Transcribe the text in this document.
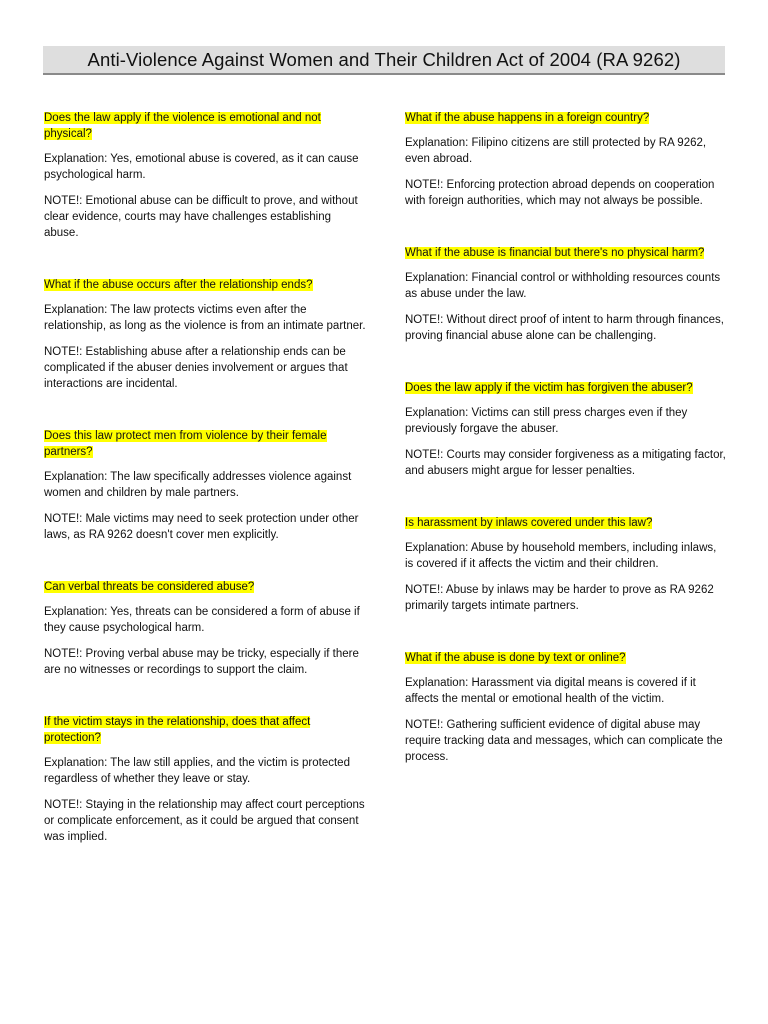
Anti-Violence Against Women and Their Children Act of 2004 (RA 9262)

Does the law apply if the violence is emotional and not physical?

Explanation: Yes, emotional abuse is covered, as it can cause psychological harm.

NOTE!: Emotional abuse can be difficult to prove, and without clear evidence, courts may have challenges establishing abuse.

What if the abuse occurs after the relationship ends?

Explanation: The law protects victims even after the relationship, as long as the violence is from an intimate partner.

NOTE!: Establishing abuse after a relationship ends can be complicated if the abuser denies involvement or argues that interactions are incidental.

Does this law protect men from violence by their female partners?

Explanation: The law specifically addresses violence against women and children by male partners.

NOTE!: Male victims may need to seek protection under other laws, as RA 9262 doesn't cover men explicitly.

Can verbal threats be considered abuse?

Explanation: Yes, threats can be considered a form of abuse if they cause psychological harm.

NOTE!: Proving verbal abuse may be tricky, especially if there are no witnesses or recordings to support the claim.

If the victim stays in the relationship, does that affect protection?

Explanation: The law still applies, and the victim is protected regardless of whether they leave or stay.

NOTE!: Staying in the relationship may affect court perceptions or complicate enforcement, as it could be argued that consent was implied.

What if the abuse happens in a foreign country?

Explanation: Filipino citizens are still protected by RA 9262, even abroad.

NOTE!: Enforcing protection abroad depends on cooperation with foreign authorities, which may not always be possible.

What if the abuse is financial but there's no physical harm?

Explanation: Financial control or withholding resources counts as abuse under the law.

NOTE!: Without direct proof of intent to harm through finances, proving financial abuse alone can be challenging.

Does the law apply if the victim has forgiven the abuser?

Explanation: Victims can still press charges even if they previously forgave the abuser.

NOTE!: Courts may consider forgiveness as a mitigating factor, and abusers might argue for lesser penalties.

Is harassment by inlaws covered under this law?

Explanation: Abuse by household members, including inlaws, is covered if it affects the victim and their children.

NOTE!: Abuse by inlaws may be harder to prove as RA 9262 primarily targets intimate partners.

What if the abuse is done by text or online?

Explanation: Harassment via digital means is covered if it affects the mental or emotional health of the victim.

NOTE!: Gathering sufficient evidence of digital abuse may require tracking data and messages, which can complicate the process.
